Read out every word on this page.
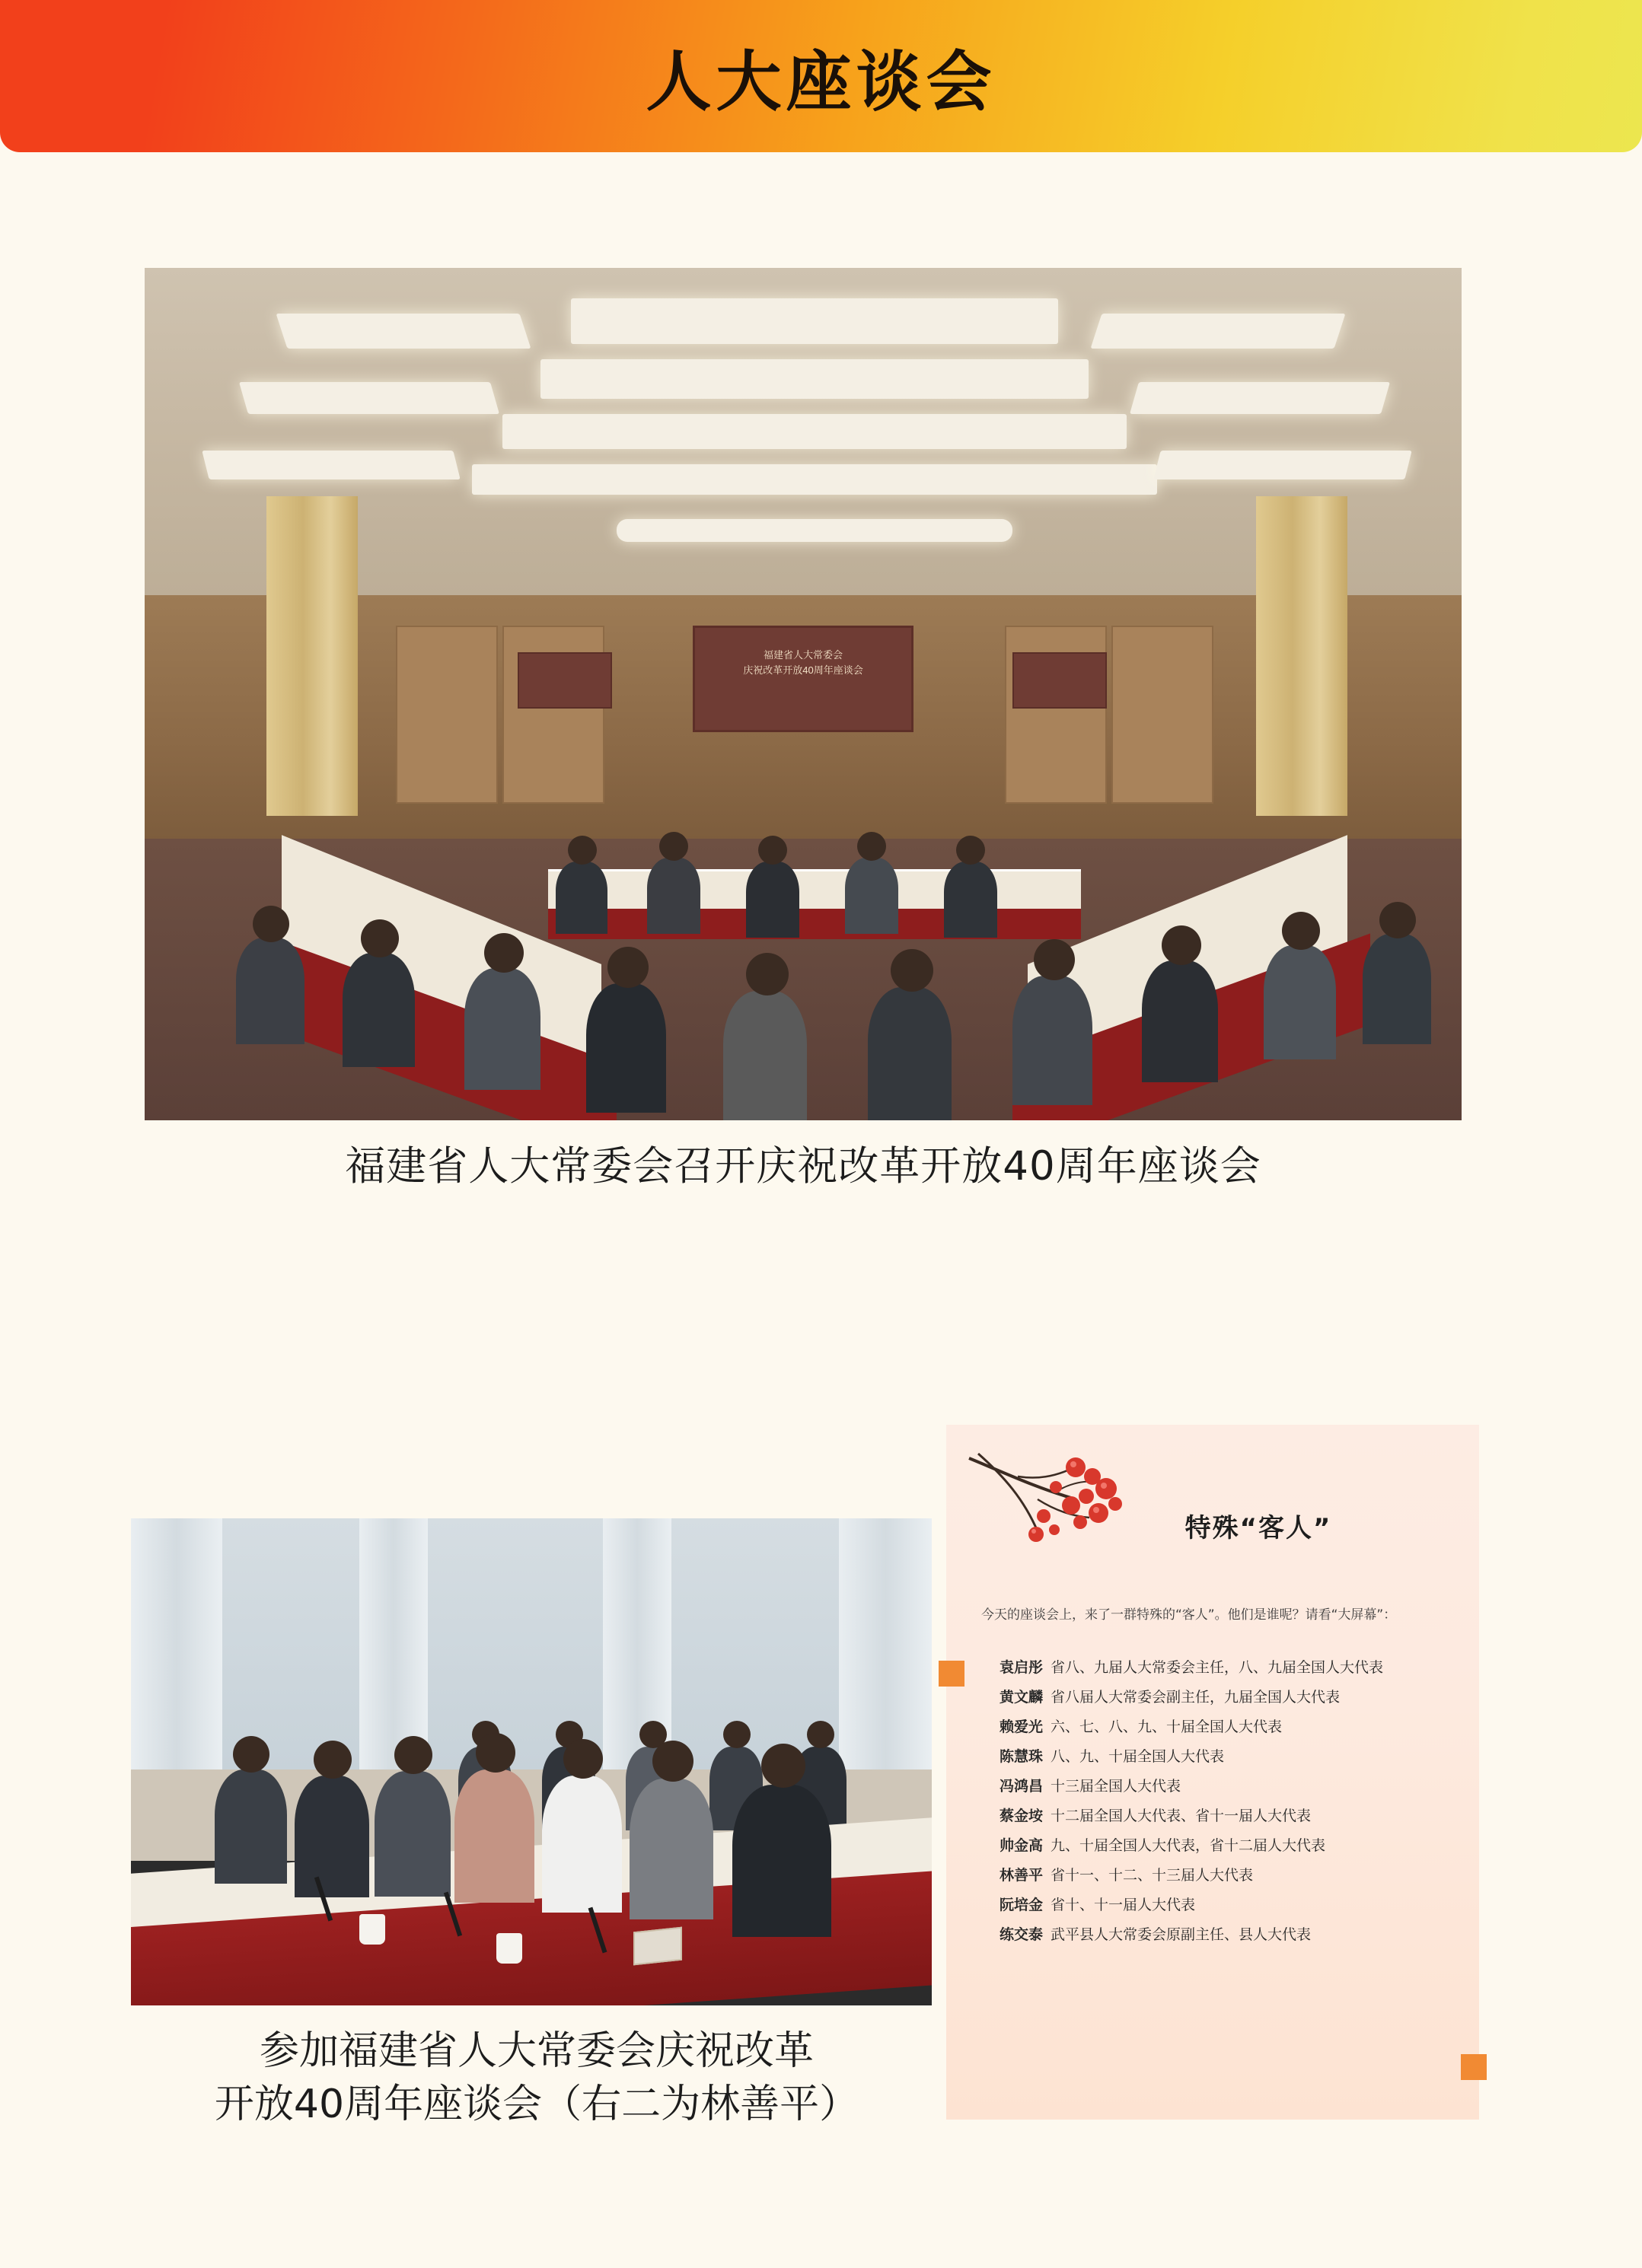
人大座谈会
福建省人大常委会
庆祝改革开放40周年座谈会
福建省人大常委会召开庆祝改革开放40周年座谈会
参加福建省人大常委会庆祝改革
开放40周年座谈会（右二为林善平）
特殊“客人”
今天的座谈会上，来了一群特殊的“客人”。他们是谁呢？请看“大屏幕”：
袁启彤 省八、九届人大常委会主任，八、九届全国人大代表
黄文麟 省八届人大常委会副主任，九届全国人大代表
赖爱光 六、七、八、九、十届全国人大代表
陈慧珠 八、九、十届全国人大代表
冯鸿昌 十三届全国人大代表
蔡金垵 十二届全国人大代表、省十一届人大代表
帅金高 九、十届全国人大代表，省十二届人大代表
林善平 省十一、十二、十三届人大代表
阮培金 省十、十一届人大代表
练交泰 武平县人大常委会原副主任、县人大代表
